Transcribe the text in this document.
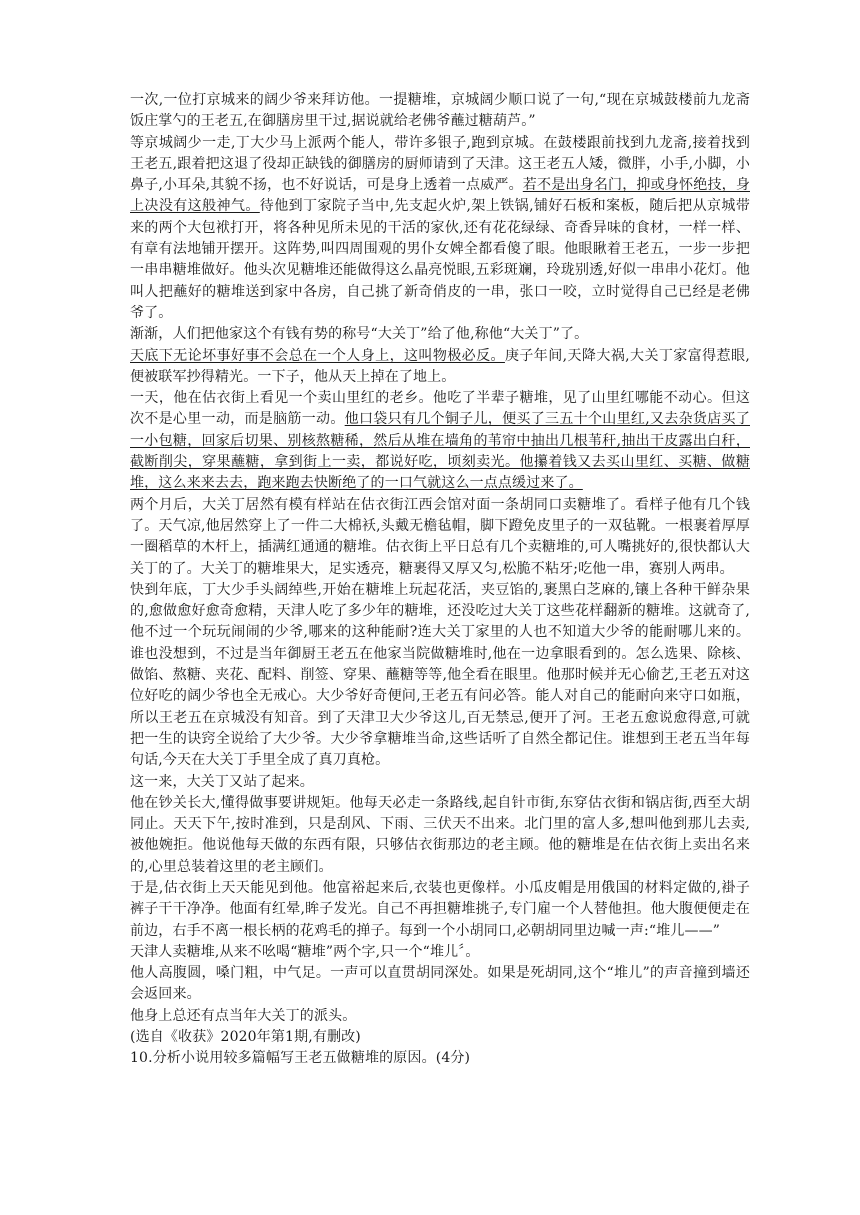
一次,一位打京城来的阔少爷来拜访他。一提糖堆，京城阔少顺口说了一句,“现在京城鼓楼前九龙斋饭庄掌勺的王老五,在御膳房里干过,据说就给老佛爷蘸过糖葫芦。”

等京城阔少一走,丁大少马上派两个能人，带许多银子,跑到京城。在鼓楼跟前找到九龙斋,接着找到王老五,跟着把这退了役却正缺钱的御膳房的厨师请到了天津。这王老五人矮，微胖，小手,小脚，小鼻子,小耳朵,其貌不扬，也不好说话，可是身上透着一点威严。若不是出身名门，抑或身怀绝技，身上决没有这般神气。待他到丁家院子当中,先支起火炉,架上铁锅,铺好石板和案板，随后把从京城带来的两个大包袱打开，将各种见所未见的干活的家伙,还有花花绿绿、奇香异味的食材，一样一样、有章有法地铺开摆开。这阵势,叫四周围观的男仆女婢全都看傻了眼。他眼瞅着王老五，一步一步把一串串糖堆做好。他头次见糖堆还能做得这么晶亮悦眼,五彩斑斓，玲珑别透,好似一串串小花灯。他叫人把蘸好的糖堆送到家中各房，自己挑了新奇俏皮的一串，张口一咬，立时觉得自己已经是老佛爷了。

渐渐，人们把他家这个有钱有势的称号“大关丁”给了他,称他“大关丁”了。

天底下无论坏事好事不会总在一个人身上，这叫物极必反。庚子年间,天降大祸,大关丁家富得惹眼,便被联军抄得精光。一下子，他从天上掉在了地上。

一天，他在估衣街上看见一个卖山里红的老乡。他吃了半辈子糖堆，见了山里红哪能不动心。但这次不是心里一动，而是脑筋一动。他口袋只有几个铜子儿，便买了三五十个山里红,又去杂货店买了一小包糖，回家后切果、别核熬糖稀，然后从堆在墙角的苇帘中抽出几根苇秆,抽出干皮露出白秆，截断削尖，穿果蘸糖，拿到街上一卖，都说好吃，顷刻卖光。他攥着钱又去买山里红、买糖、做糖堆，这么来来去去，跑来跑去快断绝了的一口气就这么一点点缓过来了。

两个月后，大关丁居然有模有样站在估衣街江西会馆对面一条胡同口卖糖堆了。看样子他有几个钱了。天气凉,他居然穿上了一件二大棉袄,头戴无檐毡帽，脚下蹬免皮里子的一双毡靴。一根裹着厚厚一圈稻草的木杆上，插满红通通的糖堆。估衣街上平日总有几个卖糖堆的,可人嘴挑好的,很快都认大关丁的了。大关丁的糖堆果大，足实透亮，糖裹得又厚又匀,松脆不粘牙;吃他一串，赛别人两串。

快到年底，丁大少手头阔绰些,开始在糖堆上玩起花活，夹豆馅的,裹黑白芝麻的,镶上各种干鲜杂果的,愈做愈好愈奇愈精，天津人吃了多少年的糖堆，还没吃过大关丁这些花样翻新的糖堆。这就奇了,他不过一个玩玩闹闹的少爷,哪来的这种能耐?连大关丁家里的人也不知道大少爷的能耐哪儿来的。谁也没想到，不过是当年御厨王老五在他家当院做糖堆时,他在一边拿眼看到的。怎么选果、除核、做馅、熬糖、夹花、配料、削签、穿果、蘸糖等等,他全看在眼里。他那时候并无心偷艺,王老五对这位好吃的阔少爷也全无戒心。大少爷好奇便问,王老五有问必答。能人对自己的能耐向来守口如瓶，所以王老五在京城没有知音。到了天津卫大少爷这儿,百无禁忌,便开了河。王老五愈说愈得意,可就把一生的诀窍全说给了大少爷。大少爷拿糖堆当命,这些话听了自然全都记住。谁想到王老五当年每句话,今天在大关丁手里全成了真刀真枪。

这一来，大关丁又站了起来。

他在钞关长大,懂得做事要讲规矩。他每天必走一条路线,起自针市街,东穿估衣街和锅店街,西至大胡同止。天天下午,按时准到，只是刮风、下雨、三伏天不出来。北门里的富人多,想叫他到那儿去卖,被他婉拒。他说他每天做的东西有限，只够估衣街那边的老主顾。他的糖堆是在估衣街上卖出名来的,心里总装着这里的老主顾们。

于是,估衣街上天天能见到他。他富裕起来后,衣装也更像样。小瓜皮帽是用俄国的材料定做的,褂子裤子干干净净。他面有红晕,眸子发光。自己不再担糖堆挑子,专门雇一个人替他担。他大腹便便走在前边，右手不离一根长柄的花鸡毛的掸子。每到一个小胡同口,必朝胡同里边喊一声:“堆儿——”

天津人卖糖堆,从来不吆喝“糖堆”两个字,只一个“堆儿〞。

他人高腹圆，嗓门粗，中气足。一声可以直贯胡同深处。如果是死胡同,这个“堆儿”的声音撞到墙还会返回来。

他身上总还有点当年大关丁的派头。

(选自《收获》2020年第1期,有删改)

10.分析小说用较多篇幅写王老五做糖堆的原因。(4分)
